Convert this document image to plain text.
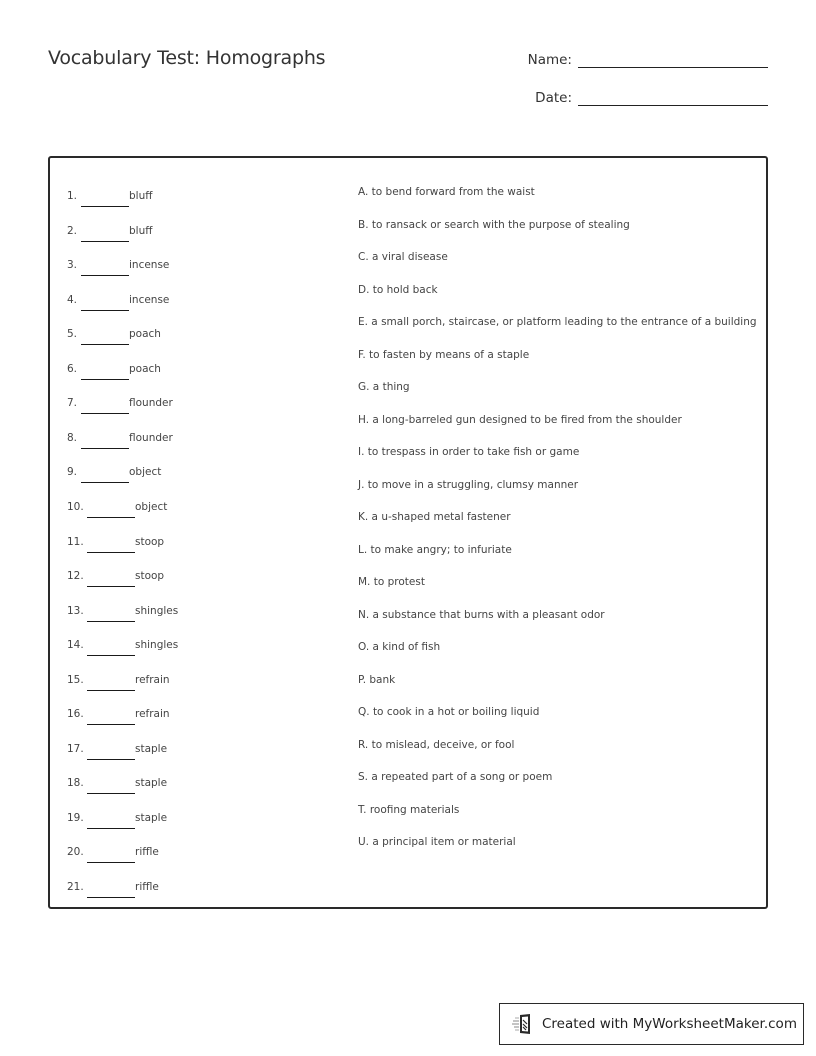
Vocabulary Test: Homographs	Name:
Date:
1.	bluff
2.	bluff
3.	incense
4.	incense
5.	poach
6.	poach
7.	flounder
8.	flounder
9.	object
10.	object
11.	stoop
12.	stoop
13.	shingles
14.	shingles
15.	refrain
16.	refrain
17.	staple
18.	staple
19.	staple
20.	riffle
21.	riffle
A. to bend forward from the waist
B. to ransack or search with the purpose of stealing
C. a viral disease
D. to hold back
E. a small porch, staircase, or platform leading to the entrance of a building
F. to fasten by means of a staple
G. a thing
H. a long-barreled gun designed to be fired from the shoulder
I. to trespass in order to take fish or game
J. to move in a struggling, clumsy manner
K. a u-shaped metal fastener
L. to make angry; to infuriate
M. to protest
N. a substance that burns with a pleasant odor
O. a kind of fish
P. bank
Q. to cook in a hot or boiling liquid
R. to mislead, deceive, or fool
S. a repeated part of a song or poem
T. roofing materials
U. a principal item or material
Created with MyWorksheetMaker.com
